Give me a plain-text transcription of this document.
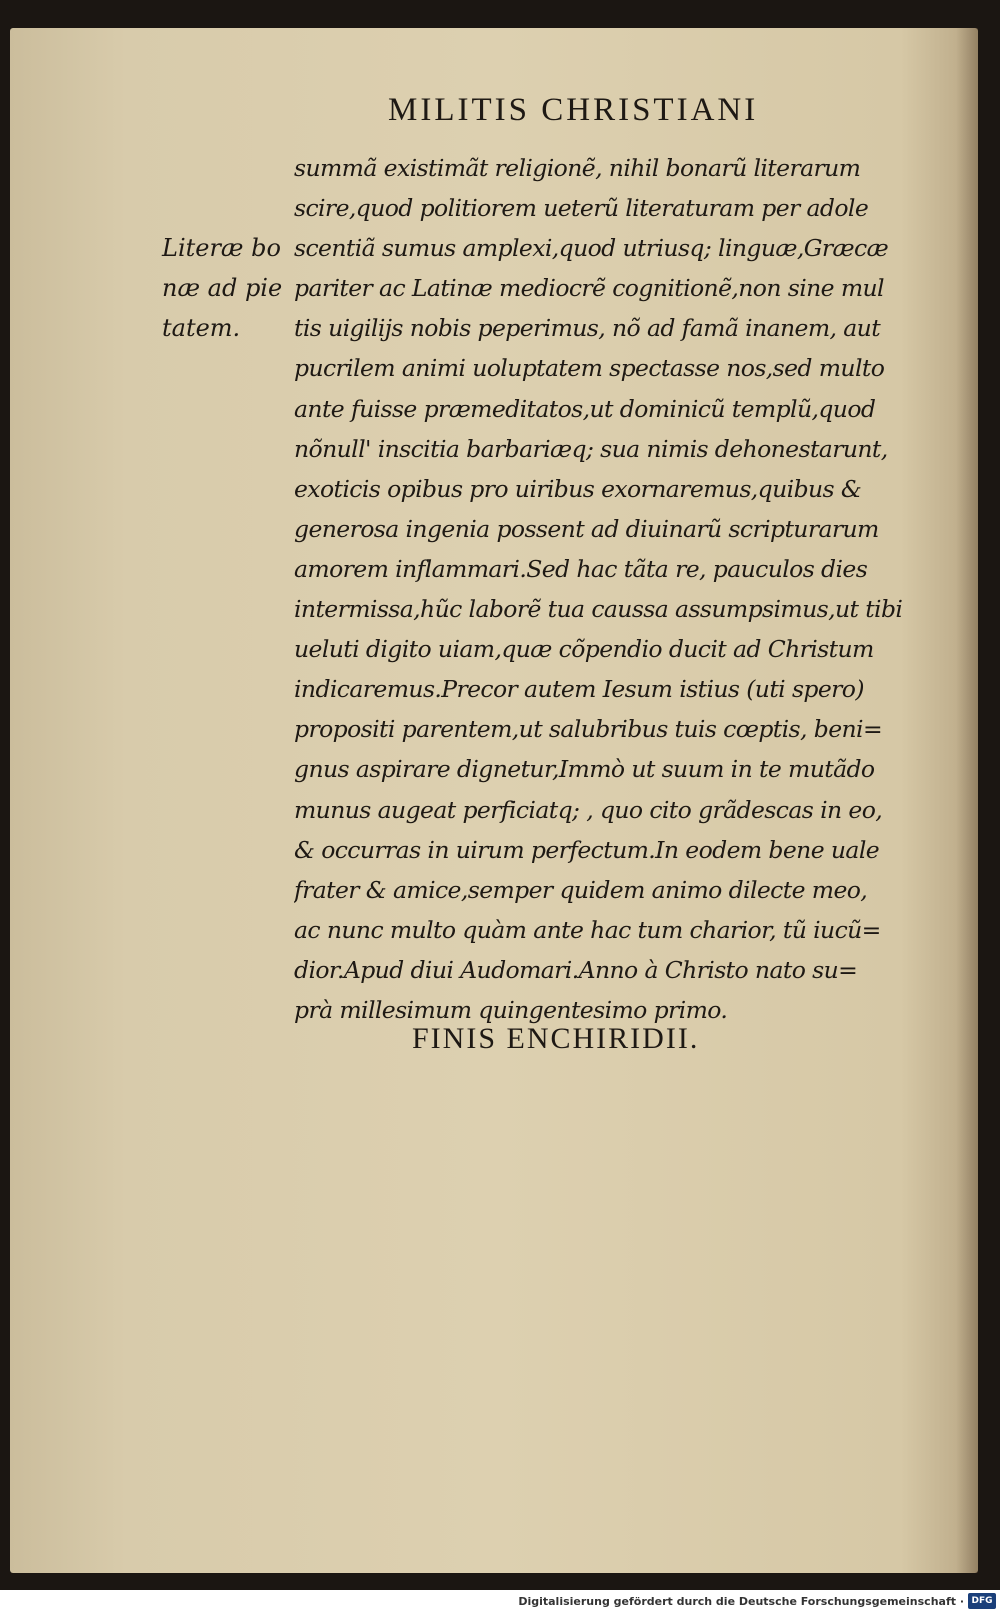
MILITIS CHRISTIANI
Literæ bo
næ ad pie
tatem.
summã existimãt religionẽ, nihil bonarũ literarum
scire,quod politiorem ueterũ literaturam per adole
scentiã sumus amplexi,quod utriusq; linguæ,Græcæ
pariter ac Latinæ mediocrẽ cognitionẽ,non sine mul
tis uigilijs nobis peperimus, nõ ad famã inanem, aut
pucrilem animi uoluptatem spectasse nos,sed multo
ante fuisse præmeditatos,ut dominicũ templũ,quod
nõnull' inscitia barbariæq; sua nimis dehonestarunt,
exoticis opibus pro uiribus exornaremus,quibus &
generosa ingenia possent ad diuinarũ scripturarum
amorem inflammari.Sed hac tãta re, pauculos dies
intermissa,hũc laborẽ tua caussa assumpsimus,ut tibi
ueluti digito uiam,quæ cõpendio ducit ad Christum
indicaremus.Precor autem Iesum istius (uti spero)
propositi parentem,ut salubribus tuis cœptis, beni=
gnus aspirare dignetur,Immò ut suum in te mutãdo
munus augeat perficiatq; , quo cito grãdescas in eo,
& occurras in uirum perfectum.In eodem bene uale
frater & amice,semper quidem animo dilecte meo,
ac nunc multo quàm ante hac tum charior, tũ iucũ=
dior.Apud diui Audomari.Anno à Christo nato su=
prà millesimum quingentesimo primo.
FINIS ENCHIRIDII.
Digitalisierung gefördert durch die Deutsche Forschungsgemeinschaft · DFG
